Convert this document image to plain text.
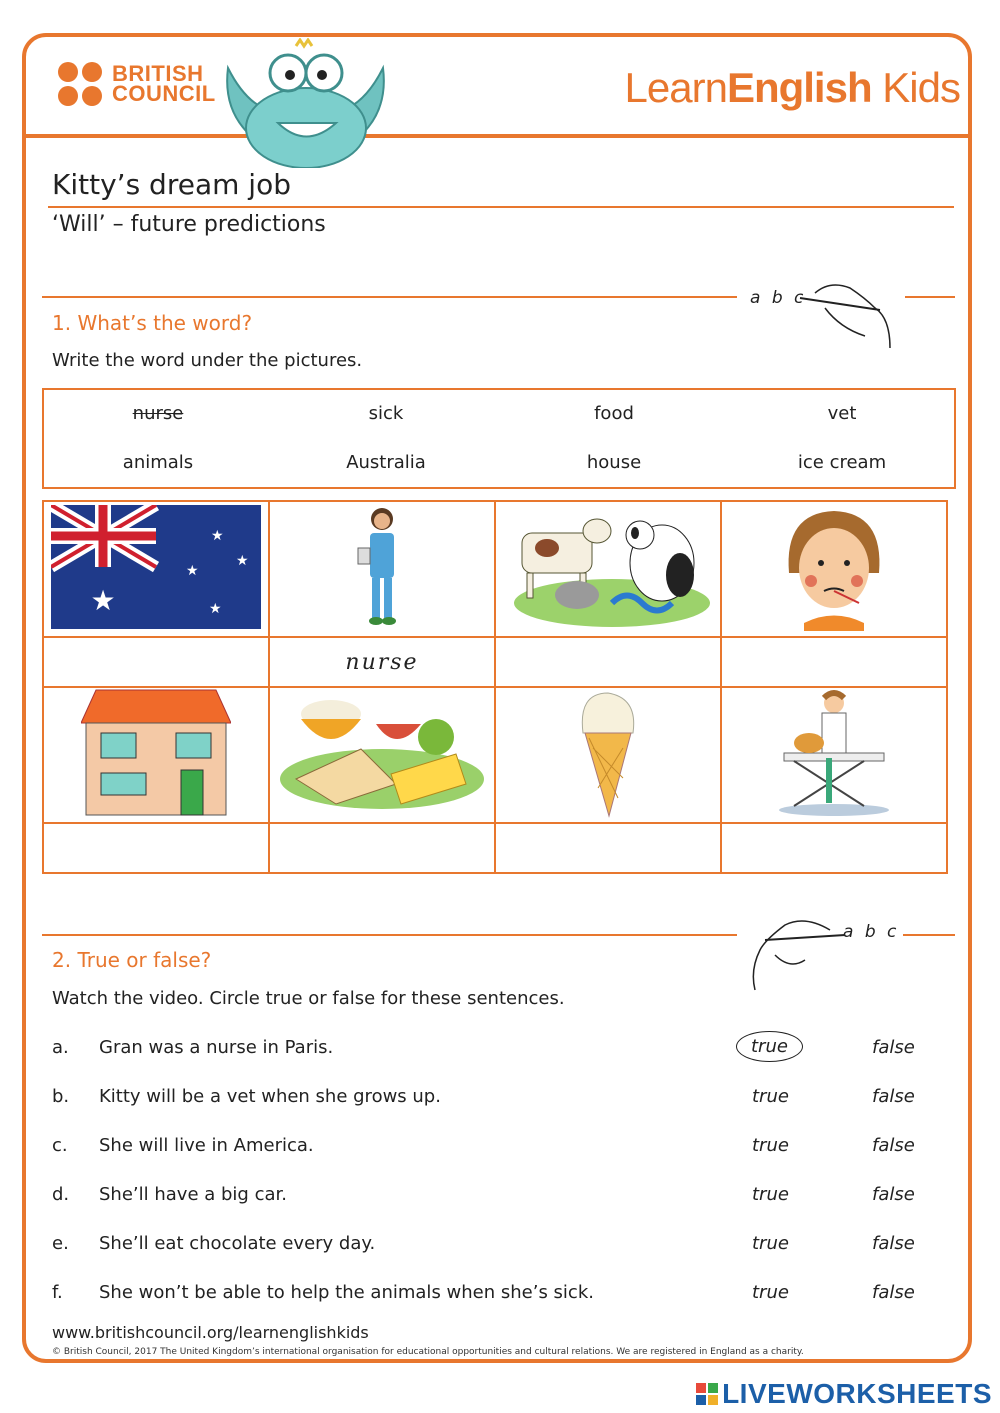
BRITISH
COUNCIL	LearnEnglish Kids
Kitty’s dream job
‘Will’ – future predictions
a b c
1. What’s the word?
Write the word under the pictures.
nurse	sick	food	vet
animals	Australia	house	ice cream
★
★
★
★
★

	nurse		

a b c
2. True or false?
Watch the video. Circle true or false for these sentences.
a. Gran was a nurse in Paris.	true	false
b. Kitty will be a vet when she grows up.	true	false
c. She will live in America.	true	false
d. She’ll have a big car.	true	false
e. She’ll eat chocolate every day.	true	false
f. She won’t be able to help the animals when she’s sick.	true	false
www.britishcouncil.org/learnenglishkids
© British Council, 2017 The United Kingdom’s international organisation for educational opportunities and cultural relations. We are registered in England as a charity.
LIVEWORKSHEETS
